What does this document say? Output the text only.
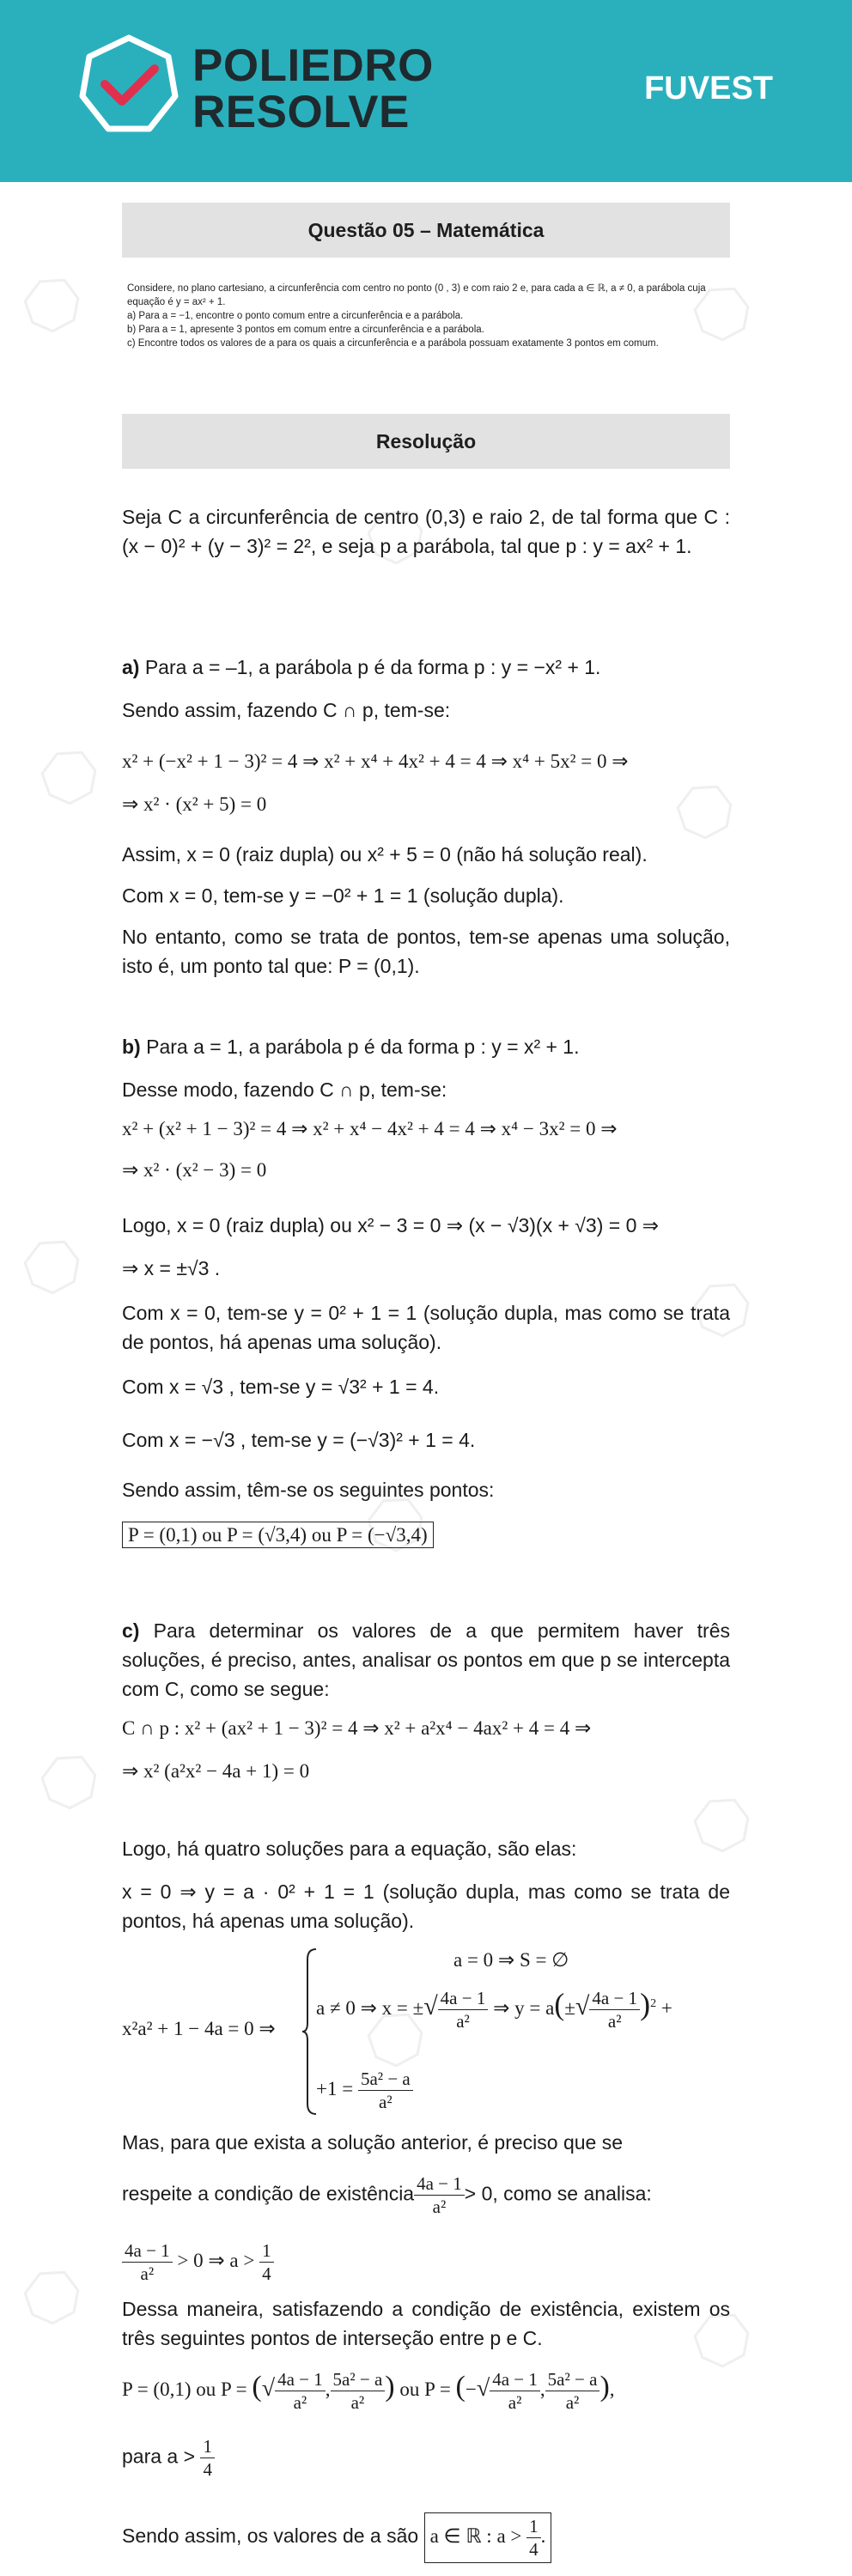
POLIEDRO
RESOLVE	FUVEST
Questão 05 – Matemática

Considere, no plano cartesiano, a circunferência com centro no ponto (0 , 3) e com raio 2 e, para cada a ∈ ℝ, a ≠ 0, a parábola cuja equação é y = ax² + 1.

a) Para a = −1, encontre o ponto comum entre a circunferência e a parábola.

b) Para a = 1, apresente 3 pontos em comum entre a circunferência e a parábola.

c) Encontre todos os valores de a para os quais a circunferência e a parábola possuam exatamente 3 pontos em comum.

Resolução
Seja C a circunferência de centro (0,3) e raio 2, de tal forma que C : (x − 0)² + (y − 3)² = 2², e seja p a parábola, tal que p : y = ax² + 1.
a) Para a = –1, a parábola p é da forma p : y = −x² + 1.
Sendo assim, fazendo C ∩ p, tem-se:
x² + (−x² + 1 − 3)² = 4 ⇒ x² + x⁴ + 4x² + 4 = 4 ⇒ x⁴ + 5x² = 0 ⇒
⇒ x² · (x² + 5) = 0
Assim, x = 0 (raiz dupla) ou x² + 5 = 0 (não há solução real).
Com x = 0, tem-se y = −0² + 1 = 1 (solução dupla).
No entanto, como se trata de pontos, tem-se apenas uma solução, isto é, um ponto tal que: P = (0,1).
b) Para a = 1, a parábola p é da forma p : y = x² + 1.
Desse modo, fazendo C ∩ p, tem-se:
x² + (x² + 1 − 3)² = 4 ⇒ x² + x⁴ − 4x² + 4 = 4 ⇒ x⁴ − 3x² = 0 ⇒
⇒ x² · (x² − 3) = 0
Logo, x = 0 (raiz dupla) ou x² − 3 = 0 ⇒ (x − √3)(x + √3) = 0 ⇒
⇒ x = ±√3 .
Com x = 0, tem-se y = 0² + 1 = 1 (solução dupla, mas como se trata de pontos, há apenas uma solução).
Com x = √3 , tem-se y = √3² + 1 = 4.
Com x = −√3 , tem-se y = (−√3)² + 1 = 4.
Sendo assim, têm-se os seguintes pontos:
P = (0,1) ou P = (√3,4) ou P = (−√3,4)
c) Para determinar os valores de a que permitem haver três soluções, é preciso, antes, analisar os pontos em que p se intercepta com C, como se segue:
C ∩ p : x² + (ax² + 1 − 3)² = 4 ⇒ x² + a²x⁴ − 4ax² + 4 = 4 ⇒
⇒ x² (a²x² − 4a + 1) = 0
Logo, há quatro soluções para a equação, são elas:
x = 0 ⇒ y = a · 0² + 1 = 1 (solução dupla, mas como se trata de pontos, há apenas uma solução).
x²a² + 1 − 4a = 0 ⇒
a = 0 ⇒ S = ∅
a ≠ 0 ⇒ x = ±√ $\frac{4a - 1}{\text{a²}}$ ⇒ $y = a(\pm√ \frac{4a - 1}{\text{a²}} )^2$ +
$+1 = \frac{\text{5a² − a}}{\text{a²}}$
Mas, para que exista a solução anterior, é preciso que se
respeite a condição de existência $\frac{4a - 1}{\text{a²}} > 0$, como se analisa:
$\frac{4a - 1}{\text{a²}} > 0$ ⇒ $a > \frac{1}{4}$
Dessa maneira, satisfazendo a condição de existência, existem os três seguintes pontos de interseção entre p e C.
P = (0,1) ou P = (√ $\frac{4a - 1}{\text{a²}}$ , $\frac{\text{5a² − a}}{\text{a²}}$ ) ou P = (−√ $\frac{4a - 1}{\text{a²}}$ , $\frac{\text{5a² − a}}{\text{a²}}$ ),
para $a > \frac{1}{4}$
Sendo assim, os valores de a são a ∈ ℝ : $a > \frac{1}{4}$ .
